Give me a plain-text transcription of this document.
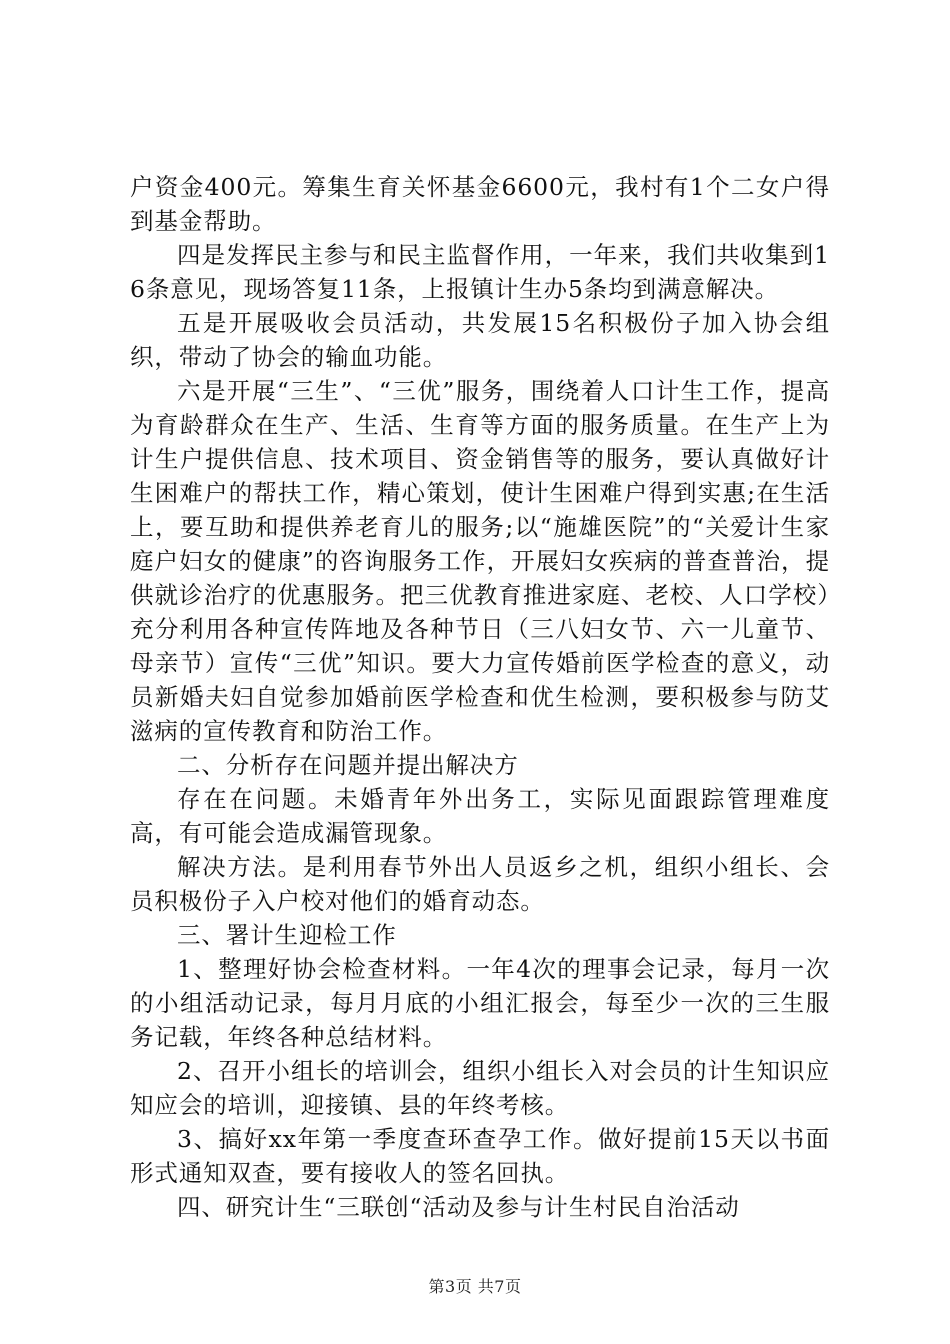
户资金400元。筹集生育关怀基金6600元，我村有1个二女户得到基金帮助。

四是发挥民主参与和民主监督作用，一年来，我们共收集到16条意见，现场答复11条，上报镇计生办5条均到满意解决。

五是开展吸收会员活动，共发展15名积极份子加入协会组织，带动了协会的输血功能。

六是开展“三生”、“三优”服务，围绕着人口计生工作，提高为育龄群众在生产、生活、生育等方面的服务质量。在生产上为计生户提供信息、技术项目、资金销售等的服务，要认真做好计生困难户的帮扶工作，精心策划，使计生困难户得到实惠;在生活上，要互助和提供养老育儿的服务;以“施雄医院”的“关爱计生家庭户妇女的健康”的咨询服务工作，开展妇女疾病的普查普治，提供就诊治疗的优惠服务。把三优教育推进家庭、老校、人口学校）充分利用各种宣传阵地及各种节日（三八妇女节、六一儿童节、母亲节）宣传“三优”知识。要大力宣传婚前医学检查的意义，动员新婚夫妇自觉参加婚前医学检查和优生检测，要积极参与防艾滋病的宣传教育和防治工作。

二、分析存在问题并提出解决方

存在在问题。未婚青年外出务工，实际见面跟踪管理难度高，有可能会造成漏管现象。

解决方法。是利用春节外出人员返乡之机，组织小组长、会员积极份子入户校对他们的婚育动态。

三、署计生迎检工作

1、整理好协会检查材料。一年4次的理事会记录，每月一次的小组活动记录，每月月底的小组汇报会，每至少一次的三生服务记载，年终各种总结材料。

2、召开小组长的培训会，组织小组长入对会员的计生知识应知应会的培训，迎接镇、县的年终考核。

3、搞好xx年第一季度查环查孕工作。做好提前15天以书面形式通知双查，要有接收人的签名回执。

四、研究计生“三联创“活动及参与计生村民自治活动

第3页 共7页
